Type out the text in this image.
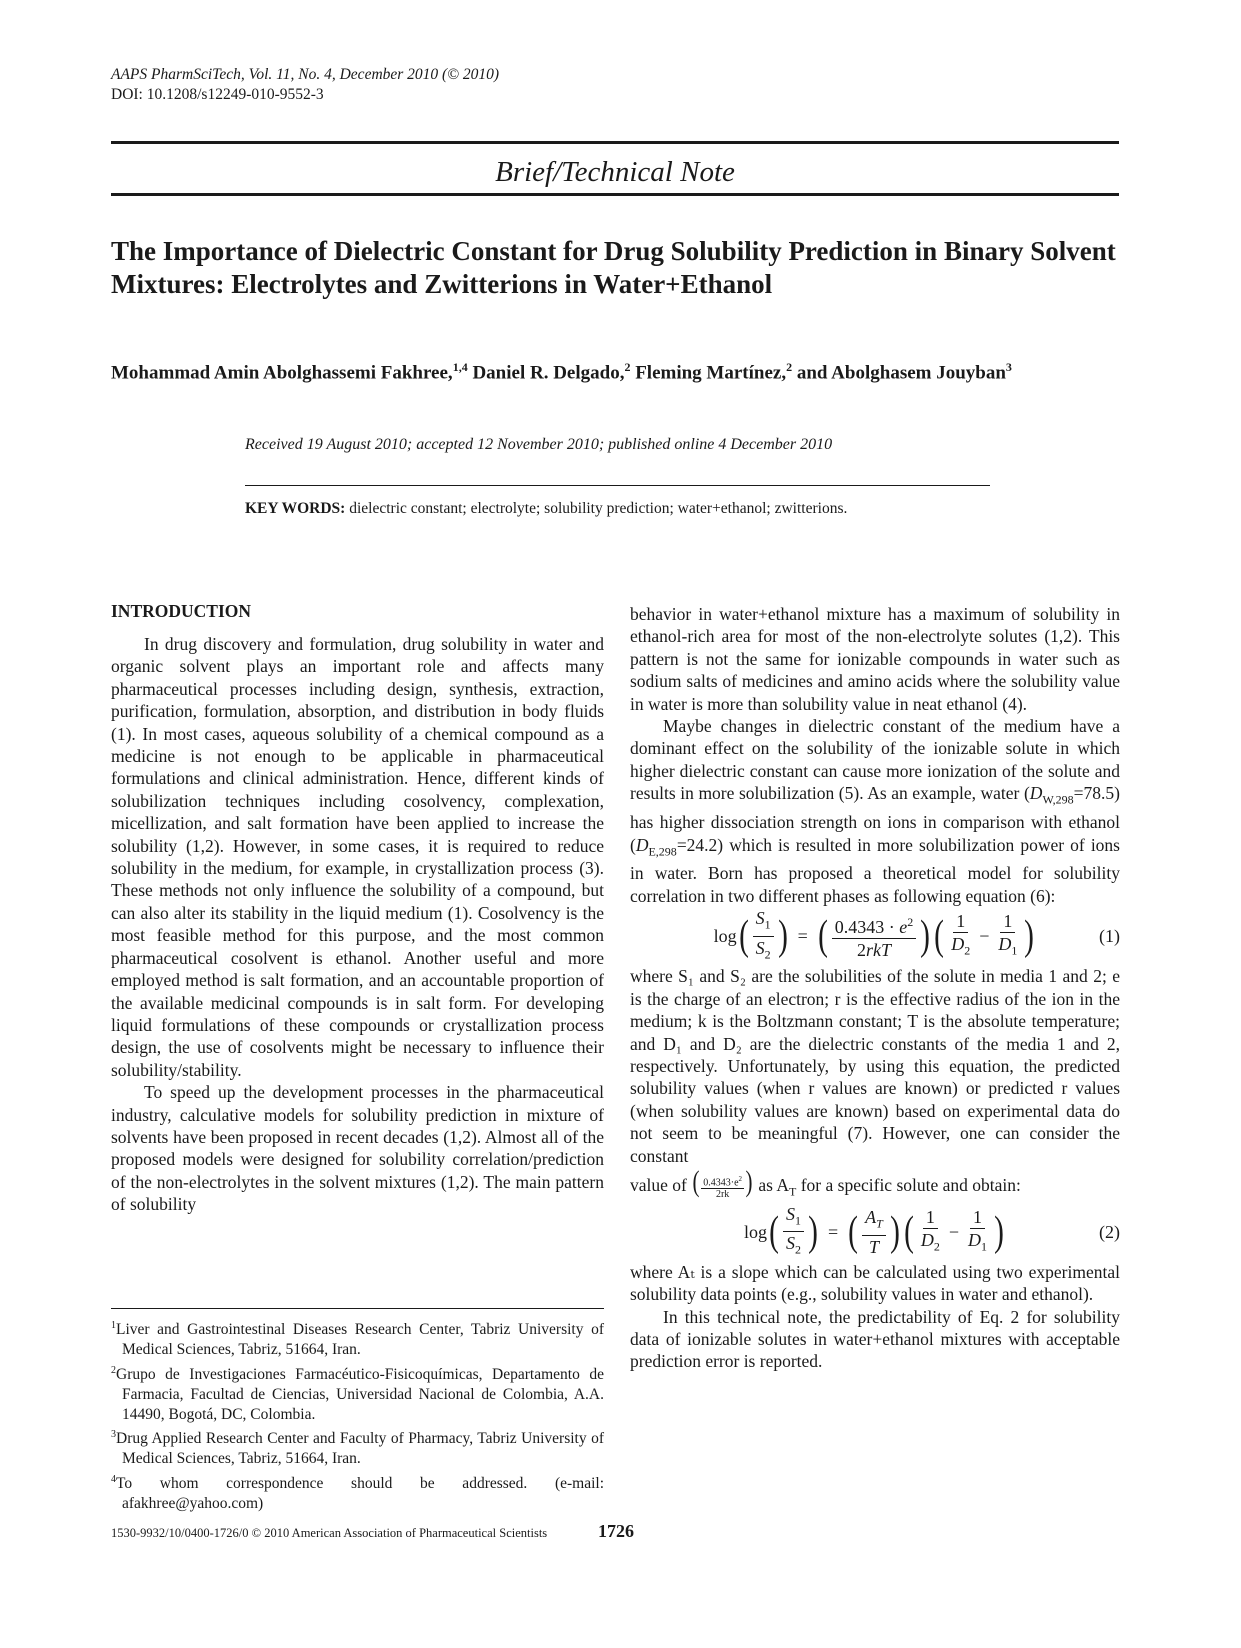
AAPS PharmSciTech, Vol. 11, No. 4, December 2010 (© 2010)
DOI: 10.1208/s12249-010-9552-3
Brief/Technical Note
The Importance of Dielectric Constant for Drug Solubility Prediction in Binary Solvent Mixtures: Electrolytes and Zwitterions in Water+Ethanol
Mohammad Amin Abolghassemi Fakhree,$^{1,4}$ Daniel R. Delgado,$^2$ Fleming Martínez,$^2$ and Abolghasem Jouyban$^3$
Received 19 August 2010; accepted 12 November 2010; published online 4 December 2010
KEY WORDS: dielectric constant; electrolyte; solubility prediction; water+ethanol; zwitterions.
INTRODUCTION

In drug discovery and formulation, drug solubility in water and organic solvent plays an important role and affects many pharmaceutical processes including design, synthesis, extraction, purification, formulation, absorption, and distribution in body fluids (1). In most cases, aqueous solubility of a chemical compound as a medicine is not enough to be applicable in pharmaceutical formulations and clinical administration. Hence, different kinds of solubilization techniques including cosolvency, complexation, micellization, and salt formation have been applied to increase the solubility (1,2). However, in some cases, it is required to reduce solubility in the medium, for example, in crystallization process (3). These methods not only influence the solubility of a compound, but can also alter its stability in the liquid medium (1). Cosolvency is the most feasible method for this purpose, and the most common pharmaceutical cosolvent is ethanol. Another useful and more employed method is salt formation, and an accountable proportion of the available medicinal compounds is in salt form. For developing liquid formulations of these compounds or crystallization process design, the use of cosolvents might be necessary to influence their solubility/stability.

To speed up the development processes in the pharmaceutical industry, calculative models for solubility prediction in mixture of solvents have been proposed in recent decades (1,2). Almost all of the proposed models were designed for solubility correlation/prediction of the non-electrolytes in the solvent mixtures (1,2). The main pattern of solubility

behavior in water+ethanol mixture has a maximum of solubility in ethanol-rich area for most of the non-electrolyte solutes (1,2). This pattern is not the same for ionizable compounds in water such as sodium salts of medicines and amino acids where the solubility value in water is more than solubility value in neat ethanol (4).

Maybe changes in dielectric constant of the medium have a dominant effect on the solubility of the ionizable solute in which higher dielectric constant can cause more ionization of the solute and results in more solubilization (5). As an example, water $(D_{W,298}=78.5)$ has higher dissociation strength on ions in comparison with ethanol $(D_{E,298}=24.2)$ which is resulted in more solubilization power of ions in water. Born has proposed a theoretical model for solubility correlation in two different phases as following equation (6):

log ( $\frac{S_1}{S_2}$ ) = ( $\frac{0.4343 \cdot e^2}{\text{2rkT}}$ ) ( $\frac{1}{D_2} - \frac{1}{D_1}$ )	(1)

where S₁ and S₂ are the solubilities of the solute in media 1 and 2; e is the charge of an electron; r is the effective radius of the ion in the medium; k is the Boltzmann constant; T is the absolute temperature; and D₁ and D₂ are the dielectric constants of the media 1 and 2, respectively. Unfortunately, by using this equation, the predicted solubility values (when r values are known) or predicted r values (when solubility values are known) based on experimental data do not seem to be meaningful (7). However, one can consider the constant

value of ( $\frac{0.4343\cdot e^2}{2rk}$ ) as $A_T$ for a specific solute and obtain:

log ( $\frac{S_1}{S_2}$ ) = ( $\frac{A_T}{T}$ ) ( $\frac{1}{D_2} - \frac{1}{D_1}$ )	(2)

where Aₜ is a slope which can be calculated using two experimental solubility data points (e.g., solubility values in water and ethanol).

In this technical note, the predictability of Eq. 2 for solubility data of ionizable solutes in water+ethanol mixtures with acceptable prediction error is reported.

$^1$Liver and Gastrointestinal Diseases Research Center, Tabriz University of Medical Sciences, Tabriz, 51664, Iran.
$^2$Grupo de Investigaciones Farmacéutico-Fisicoquímicas, Departamento de Farmacia, Facultad de Ciencias, Universidad Nacional de Colombia, A.A. 14490, Bogotá, DC, Colombia.
$^3$Drug Applied Research Center and Faculty of Pharmacy, Tabriz University of Medical Sciences, Tabriz, 51664, Iran.
$^4$To whom correspondence should be addressed. (e-mail: afakhree@yahoo.com)
1530-9932/10/0400-1726/0 © 2010 American Association of Pharmaceutical Scientists	1726
